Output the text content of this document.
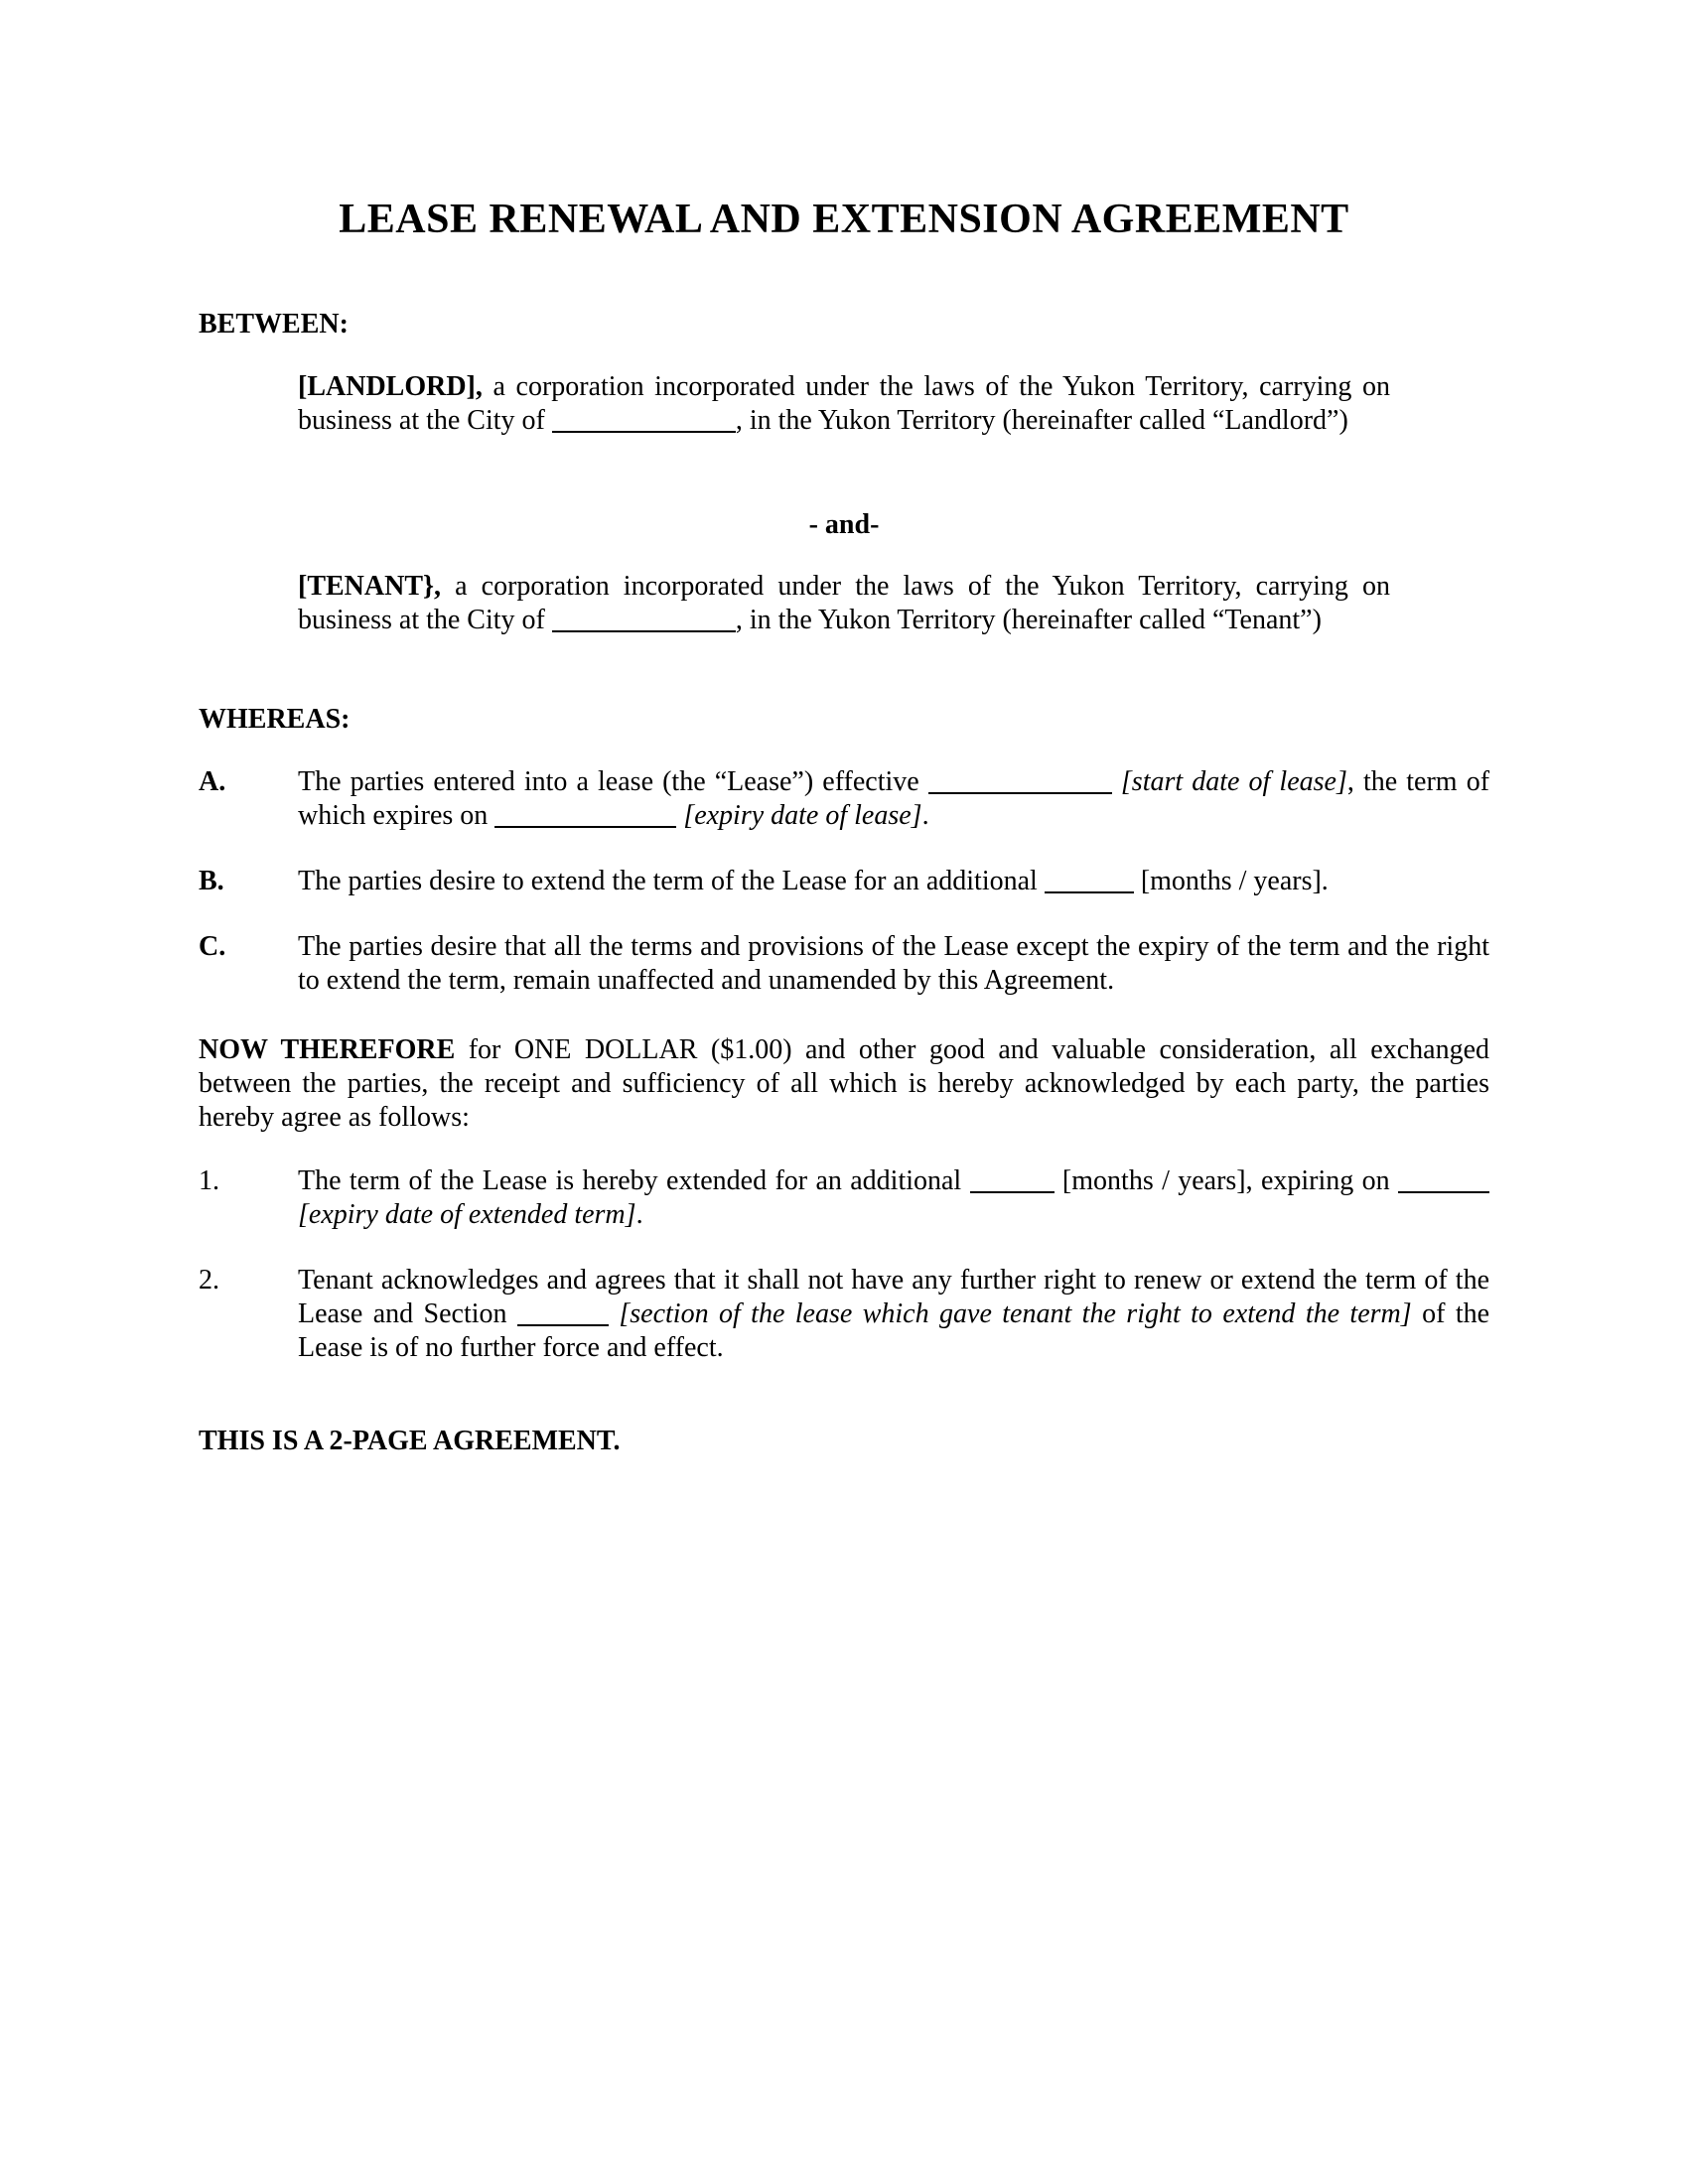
LEASE RENEWAL AND EXTENSION AGREEMENT
BETWEEN:

[LANDLORD], a corporation incorporated under the laws of the Yukon Territory, carrying on business at the City of	, in the Yukon Territory (hereinafter called “Landlord”)

- and-

[TENANT}, a corporation incorporated under the laws of the Yukon Territory, carrying on business at the City of	, in the Yukon Territory (hereinafter called “Tenant”)

WHEREAS:
A.	The parties entered into a lease (the “Lease”) effective	[start date of lease], the term of which expires on	[expiry date of lease].
B.	The parties desire to extend the term of the Lease for an additional	[months / years].
C.	The parties desire that all the terms and provisions of the Lease except the expiry of the term and the right to extend the term, remain unaffected and unamended by this Agreement.

NOW THEREFORE for ONE DOLLAR ($1.00) and other good and valuable consideration, all exchanged between the parties, the receipt and sufficiency of all which is hereby acknowledged by each party, the parties hereby agree as follows:

1.	The term of the Lease is hereby extended for an additional	[months / years], expiring on  [expiry date of extended term].
2.	Tenant acknowledges and agrees that it shall not have any further right to renew or extend the term of the Lease and Section	[section of the lease which gave tenant the right to extend the term] of the Lease is of no further force and effect.
THIS IS A 2-PAGE AGREEMENT.
